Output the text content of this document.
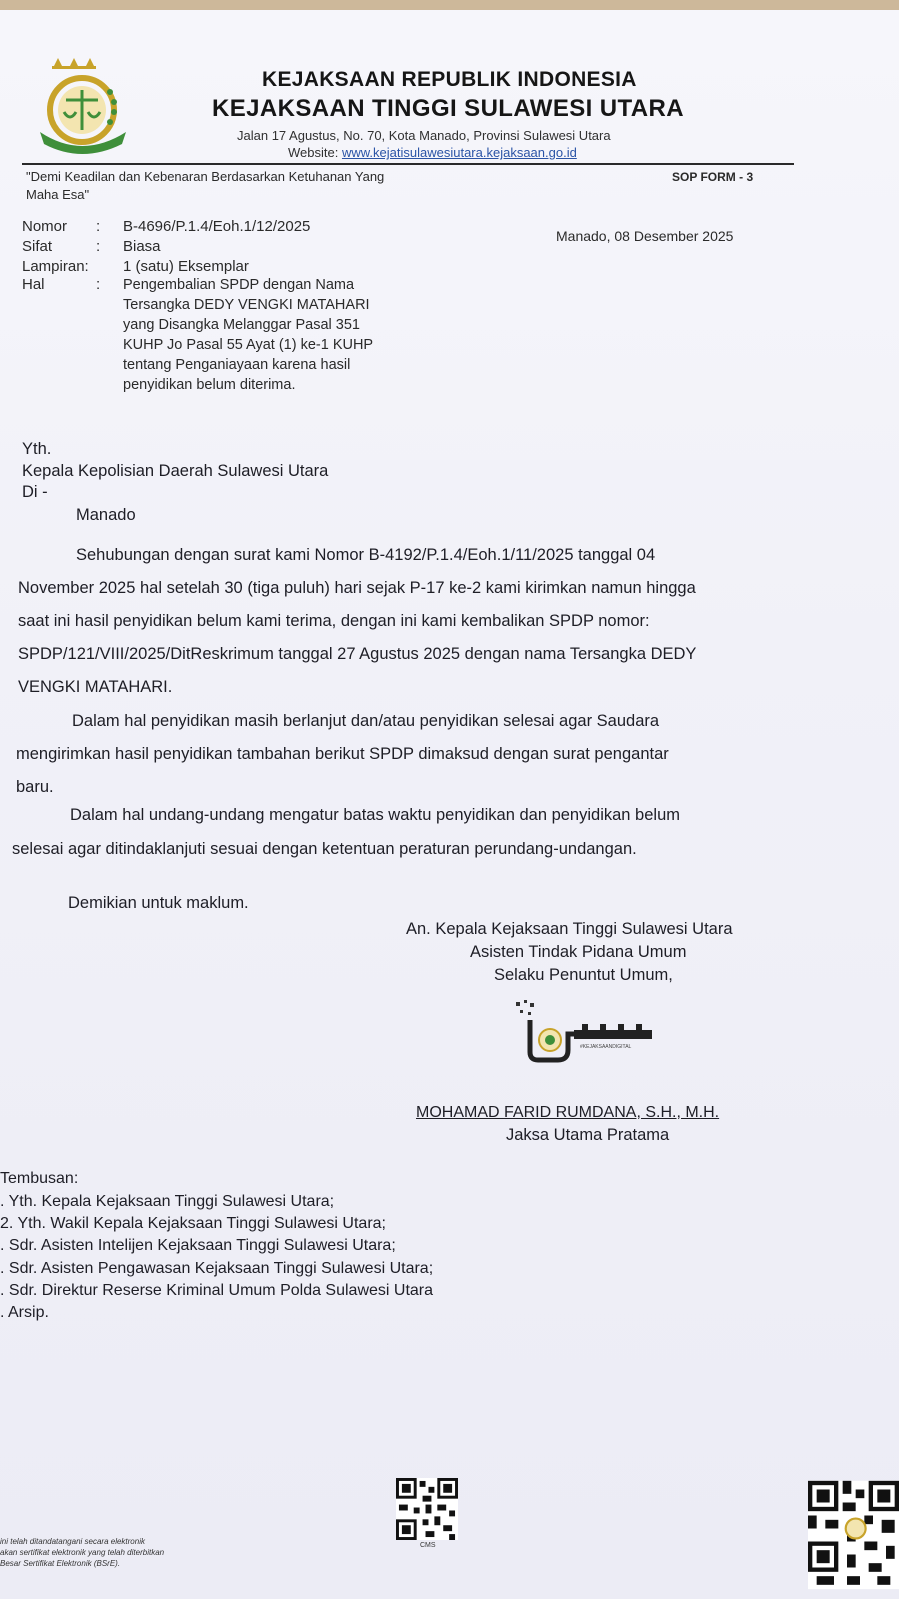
KEJAKSAAN REPUBLIK INDONESIA
KEJAKSAAN TINGGI SULAWESI UTARA
Jalan 17 Agustus, No. 70, Kota Manado, Provinsi Sulawesi Utara
Website: www.kejatisulawesiutara.kejaksaan.go.id
"Demi Keadilan dan Kebenaran Berdasarkan Ketuhanan Yang Maha Esa"
SOP FORM - 3
Nomor : B-4696/P.1.4/Eoh.1/12/2025
Manado, 08 Desember 2025
Sifat	: Biasa
Lampiran: 1 (satu) Eksemplar
Hal	: Pengembalian SPDP dengan Nama
Tersangka DEDY VENGKI MATAHARI
yang Disangka Melanggar Pasal 351
KUHP Jo Pasal 55 Ayat (1) ke-1 KUHP
tentang Penganiayaan karena hasil
penyidikan belum diterima.
Yth.
Kepala Kepolisian Daerah Sulawesi Utara
Di -
Manado
Sehubungan dengan surat kami Nomor B-4192/P.1.4/Eoh.1/11/2025 tanggal 04
November 2025 hal setelah 30 (tiga puluh) hari sejak P-17 ke-2 kami kirimkan namun hingga
saat ini hasil penyidikan belum kami terima, dengan ini kami kembalikan SPDP nomor:
SPDP/121/VIII/2025/DitReskrimum tanggal 27 Agustus 2025 dengan nama Tersangka DEDY
VENGKI MATAHARI.
Dalam hal penyidikan masih berlanjut dan/atau penyidikan selesai agar Saudara
mengirimkan hasil penyidikan tambahan berikut SPDP dimaksud dengan surat pengantar
baru.
Dalam hal undang-undang mengatur batas waktu penyidikan dan penyidikan belum
selesai agar ditindaklanjuti sesuai dengan ketentuan peraturan perundang-undangan.
Demikian untuk maklum.
An. Kepala Kejaksaan Tinggi Sulawesi Utara
Asisten Tindak Pidana Umum
Selaku Penuntut Umum,
#KEJAKSAANDIGITAL
MOHAMAD FARID RUMDANA, S.H., M.H.
Jaksa Utama Pratama
Tembusan:
. Yth. Kepala Kejaksaan Tinggi Sulawesi Utara;
2. Yth. Wakil Kepala Kejaksaan Tinggi Sulawesi Utara;
. Sdr. Asisten Intelijen Kejaksaan Tinggi Sulawesi Utara;
. Sdr. Asisten Pengawasan Kejaksaan Tinggi Sulawesi Utara;
. Sdr. Direktur Reserse Kriminal Umum Polda Sulawesi Utara
. Arsip.
CMS
ini telah ditandatangani secara elektronik
akan sertifikat elektronik yang telah diterbitkan
Besar Sertifikat Elektronik (BSrE).
